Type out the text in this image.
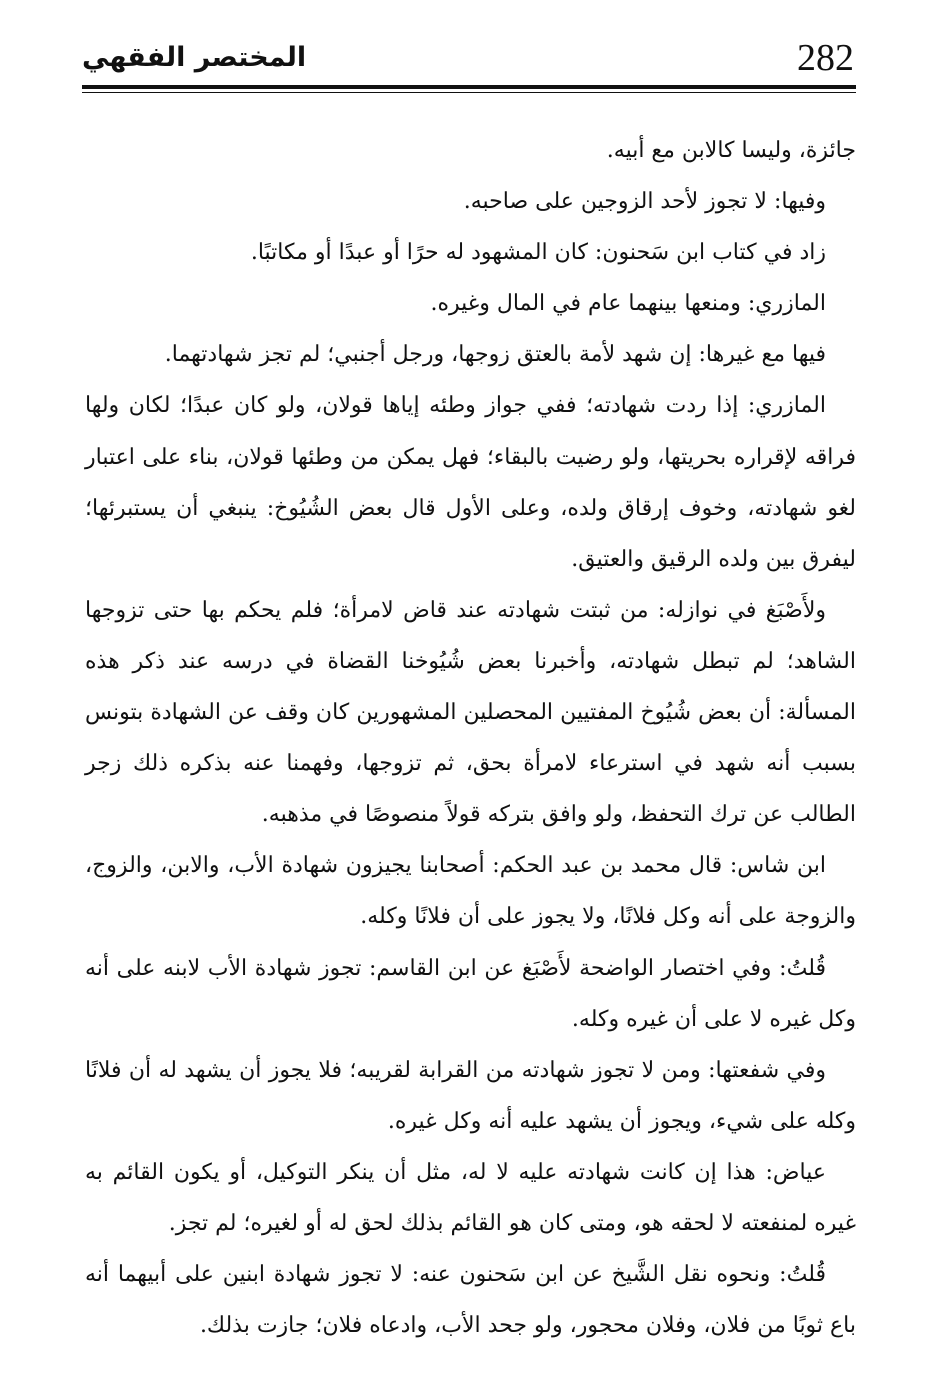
282
المختصر الفقهي

جائزة، وليسا كالابن مع أبيه.

وفيها: لا تجوز لأحد الزوجين على صاحبه.

زاد في كتاب ابن سَحنون: كان المشهود له حرًا أو عبدًا أو مكاتبًا.

المازري: ومنعها بينهما عام في المال وغيره.

فيها مع غيرها: إن شهد لأمة بالعتق زوجها، ورجل أجنبي؛ لم تجز شهادتهما.

المازري: إذا ردت شهادته؛ ففي جواز وطئه إياها قولان، ولو كان عبدًا؛ لكان ولها فراقه لإقراره بحريتها، ولو رضيت بالبقاء؛ فهل يمكن من وطئها قولان، بناء على اعتبار لغو شهادته، وخوف إرقاق ولده، وعلى الأول قال بعض الشُيُوخ: ينبغي أن يستبرئها؛ ليفرق بين ولده الرقيق والعتيق.

ولأَصْبَغ في نوازله: من ثبتت شهادته عند قاض لامرأة؛ فلم يحكم بها حتى تزوجها الشاهد؛ لم تبطل شهادته، وأخبرنا بعض شُيُوخنا القضاة في درسه عند ذكر هذه المسألة: أن بعض شُيُوخ المفتيين المحصلين المشهورين كان وقف عن الشهادة بتونس بسبب أنه شهد في استرعاء لامرأة بحق، ثم تزوجها، وفهمنا عنه بذكره ذلك زجر الطالب عن ترك التحفظ، ولو وافق بتركه قولاً منصوصًا في مذهبه.

ابن شاس: قال محمد بن عبد الحكم: أصحابنا يجيزون شهادة الأب، والابن، والزوج، والزوجة على أنه وكل فلانًا، ولا يجوز على أن فلانًا وكله.

قُلتُ: وفي اختصار الواضحة لأَصْبَغ عن ابن القاسم: تجوز شهادة الأب لابنه على أنه وكل غيره لا على أن غيره وكله.

وفي شفعتها: ومن لا تجوز شهادته من القرابة لقريبه؛ فلا يجوز أن يشهد له أن فلانًا وكله على شيء، ويجوز أن يشهد عليه أنه وكل غيره.

عياض: هذا إن كانت شهادته عليه لا له، مثل أن ينكر التوكيل، أو يكون القائم به غيره لمنفعته لا لحقه هو، ومتى كان هو القائم بذلك لحق له أو لغيره؛ لم تجز.

قُلتُ: ونحوه نقل الشَّيخ عن ابن سَحنون عنه: لا تجوز شهادة ابنين على أبيهما أنه باع ثوبًا من فلان، وفلان محجور، ولو جحد الأب، وادعاه فلان؛ جازت بذلك.
